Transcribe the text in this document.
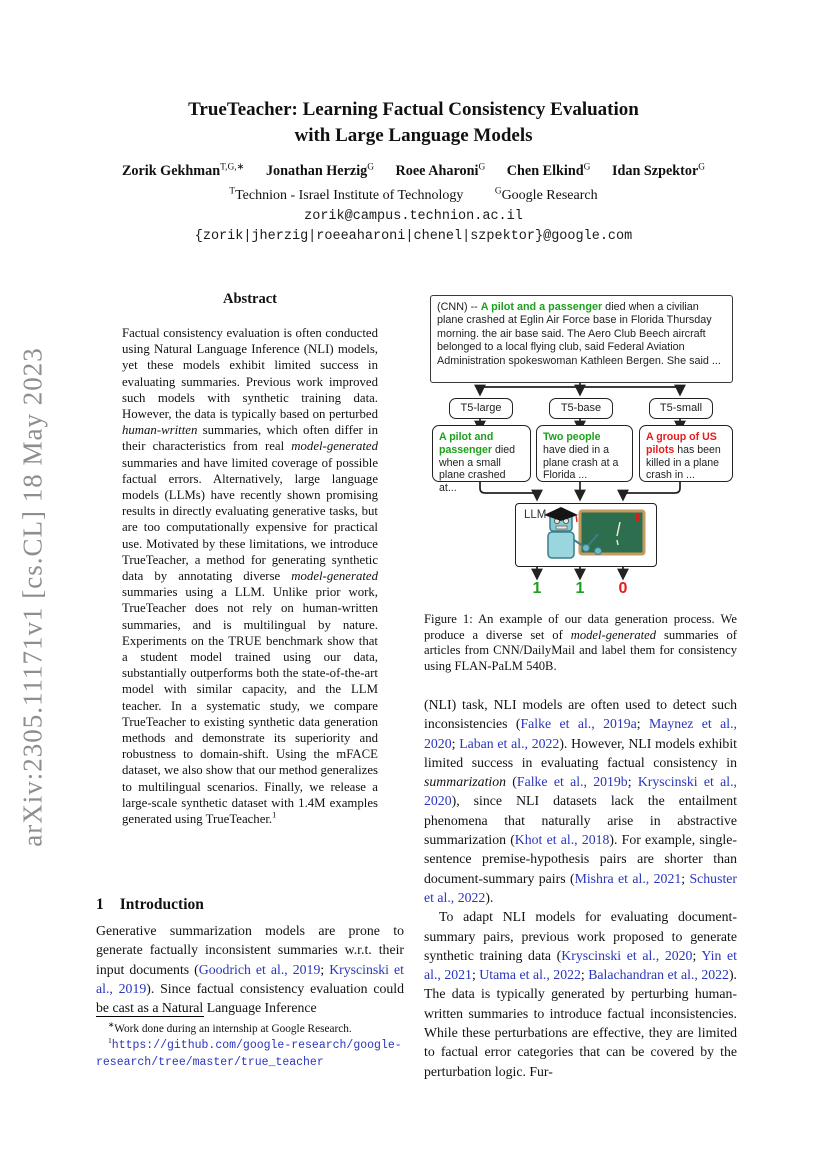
arXiv:2305.11171v1 [cs.CL] 18 May 2023
TrueTeacher: Learning Factual Consistency Evaluation
with Large Language Models
Zorik Gekhman$^{T,G,∗}$ Jonathan Herzig$^G$ Roee Aharoni$^G$ Chen Elkind$^G$ Idan Szpektor$^G$
$^T$Technion - Israel Institute of Technology	$^G$Google Research
zorik@campus.technion.ac.il
{zorik|jherzig|roeeaharoni|chenel|szpektor}@google.com
Abstract
Factual consistency evaluation is often conducted using Natural Language Inference (NLI) models, yet these models exhibit limited success in evaluating summaries. Previous work improved such models with synthetic training data. However, the data is typically based on perturbed human-written summaries, which often differ in their characteristics from real model-generated summaries and have limited coverage of possible factual errors. Alternatively, large language models (LLMs) have recently shown promising results in directly evaluating generative tasks, but are too computationally expensive for practical use. Motivated by these limitations, we introduce TrueTeacher, a method for generating synthetic data by annotating diverse model-generated summaries using a LLM. Unlike prior work, TrueTeacher does not rely on human-written summaries, and is multilingual by nature. Experiments on the TRUE benchmark show that a student model trained using our data, substantially outperforms both the state-of-the-art model with similar capacity, and the LLM teacher. In a systematic study, we compare TrueTeacher to existing synthetic data generation methods and demonstrate its superiority and robustness to domain-shift. Using the mFACE dataset, we also show that our method generalizes to multilingual scenarios. Finally, we release a large-scale synthetic dataset with 1.4M examples generated using TrueTeacher.$^1$
1 Introduction
Generative summarization models are prone to generate factually inconsistent summaries w.r.t. their input documents (Goodrich et al., 2019; Kryscinski et al., 2019). Since factual consistency evaluation could be cast as a Natural Language Inference
∗Work done during an internship at Google Research.
$^1$https://github.com/google-research/google-research/tree/master/true_teacher
(CNN) -- A pilot and a passenger died when a civilian plane crashed at Eglin Air Force base in Florida Thursday morning. the air base said. The Aero Club Beech aircraft belonged to a local flying club, said Federal Aviation Administration spokeswoman Kathleen Bergen. She said ...
T5-large	T5-base	T5-small
A pilot and passenger died when a small plane crashed at...
Two people have died in a plane crash at a Florida ...
A group of US pilots has been killed in a plane crash in ...
LLM
1	1	0
Figure 1: An example of our data generation process. We produce a diverse set of model-generated summaries of articles from CNN/DailyMail and label them for consistency using FLAN-PaLM 540B.

(NLI) task, NLI models are often used to detect such inconsistencies (Falke et al., 2019a; Maynez et al., 2020; Laban et al., 2022). However, NLI models exhibit limited success in evaluating factual consistency in summarization (Falke et al., 2019b; Kryscinski et al., 2020), since NLI datasets lack the entailment phenomena that naturally arise in abstractive summarization (Khot et al., 2018). For example, single-sentence premise-hypothesis pairs are shorter than document-summary pairs (Mishra et al., 2021; Schuster et al., 2022).

To adapt NLI models for evaluating document-summary pairs, previous work proposed to generate synthetic training data (Kryscinski et al., 2020; Yin et al., 2021; Utama et al., 2022; Balachandran et al., 2022). The data is typically generated by perturbing human-written summaries to introduce factual inconsistencies. While these perturbations are effective, they are limited to factual error categories that can be covered by the perturbation logic. Fur-
